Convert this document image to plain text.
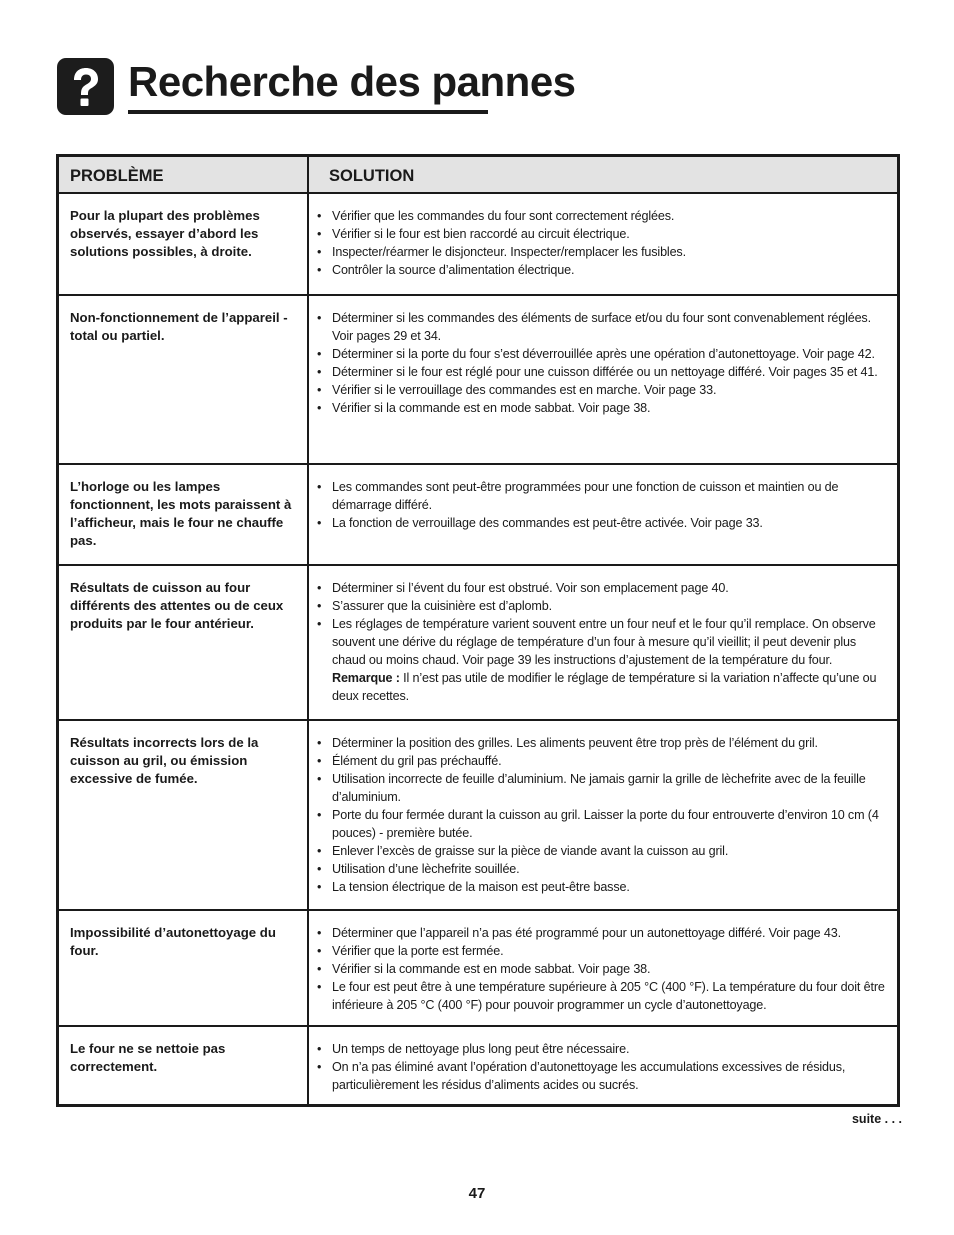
Recherche des pannes
PROBLÈME	SOLUTION
Pour la plupart des problèmes observés, essayer d’abord les solutions possibles, à droite.
• Vérifier que les commandes du four sont correctement réglées.
• Vérifier si le four est bien raccordé au circuit électrique.
• Inspecter/réarmer le disjoncteur. Inspecter/remplacer les fusibles.
• Contrôler la source d’alimentation électrique.
Non-fonctionnement de l’appareil - total ou partiel.
• Déterminer si les commandes des éléments de surface et/ou du four sont convenablement réglées. Voir pages 29 et 34.
• Déterminer si la porte du four s’est déverrouillée après une opération d’autonettoyage. Voir page 42.
• Déterminer si le four est réglé pour une cuisson différée ou un nettoyage différé. Voir pages 35 et 41.
• Vérifier si le verrouillage des commandes est en marche. Voir page 33.
• Vérifier si la commande est en mode sabbat. Voir page 38.
L’horloge ou les lampes fonctionnent, les mots paraissent à l’afficheur, mais le four ne chauffe pas.
• Les commandes sont peut-être programmées pour une fonction de cuisson et maintien ou de démarrage différé.
• La fonction de verrouillage des commandes est peut-être activée. Voir page 33.
Résultats de cuisson au four différents des attentes ou de ceux produits par le four antérieur.
• Déterminer si l’évent du four est obstrué. Voir son emplacement page 40.
• S’assurer que la cuisinière est d’aplomb.
• Les réglages de température varient souvent entre un four neuf et le four qu’il remplace. On observe souvent une dérive du réglage de température d’un four à mesure qu’il vieillit; il peut devenir plus chaud ou moins chaud. Voir page 39 les instructions d’ajustement de la température du four. Remarque : Il n’est pas utile de modifier le réglage de température si la variation n’affecte qu’une ou deux recettes.
Résultats incorrects lors de la cuisson au gril, ou émission excessive de fumée.
• Déterminer la position des grilles. Les aliments peuvent être trop près de l’élément du gril.
• Élément du gril pas préchauffé.
• Utilisation incorrecte de feuille d’aluminium. Ne jamais garnir la grille de lèchefrite avec de la feuille d’aluminium.
• Porte du four fermée durant la cuisson au gril. Laisser la porte du four entrouverte d’environ 10 cm (4 pouces) - première butée.
• Enlever l’excès de graisse sur la pièce de viande avant la cuisson au gril.
• Utilisation d’une lèchefrite souillée.
• La tension électrique de la maison est peut-être basse.
Impossibilité d’autonettoyage du four.
• Déterminer que l’appareil n’a pas été programmé pour un autonettoyage différé. Voir page 43.
• Vérifier que la porte est fermée.
• Vérifier si la commande est en mode sabbat. Voir page 38.
• Le four est peut être à une température supérieure à 205 °C (400 °F). La température du four doit être inférieure à 205 °C (400 °F) pour pouvoir programmer un cycle d’autonettoyage.
Le four ne se nettoie pas correctement.
• Un temps de nettoyage plus long peut être nécessaire.
• On n’a pas éliminé avant l’opération d’autonettoyage les accumulations excessives de résidus, particulièrement les résidus d’aliments acides ou sucrés.
suite . . .
47
